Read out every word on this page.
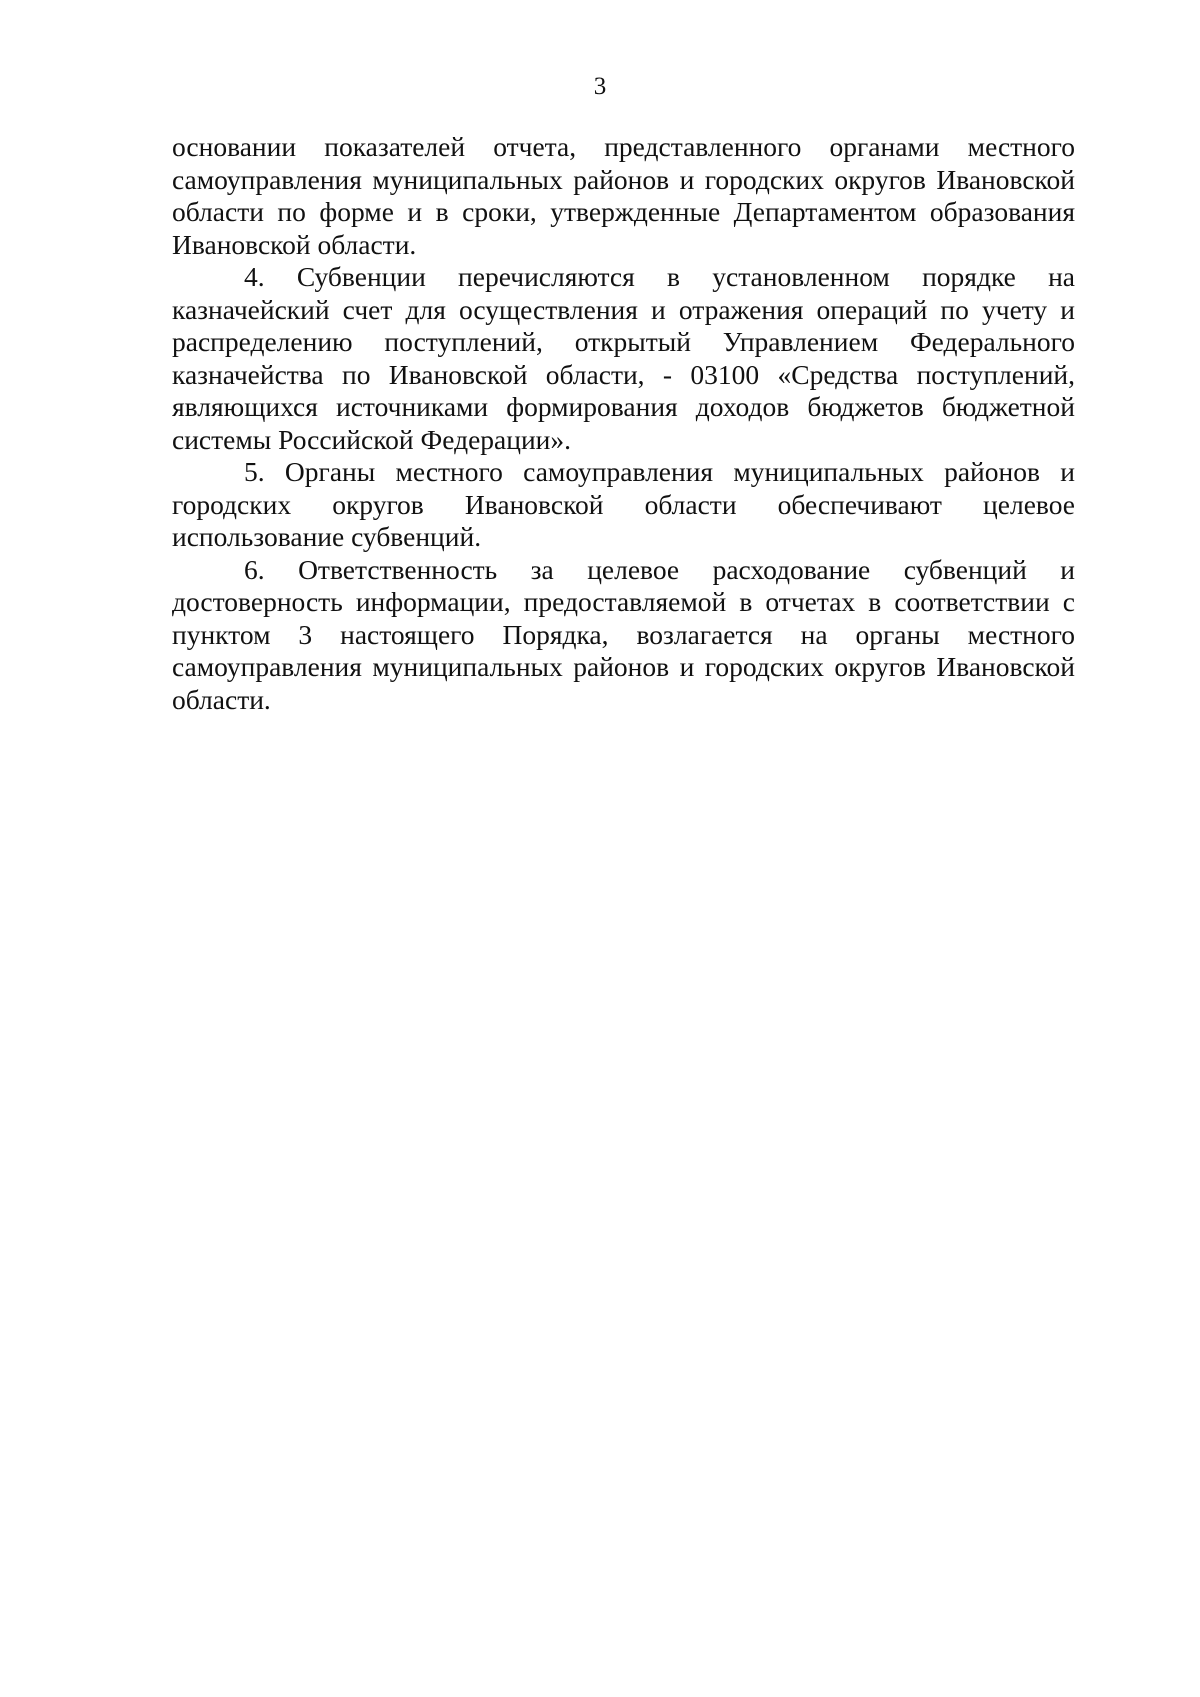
3

основании показателей отчета, представленного органами местного самоуправления муниципальных районов и городских округов Ивановской области по форме и в сроки, утвержденные Департаментом образования Ивановской области.

4. Субвенции перечисляются в установленном порядке на казначейский счет для осуществления и отражения операций по учету и распределению поступлений, открытый Управлением Федерального казначейства по Ивановской области, - 03100 «Средства поступлений, являющихся источниками формирования доходов бюджетов бюджетной системы Российской Федерации».

5. Органы местного самоуправления муниципальных районов и городских округов Ивановской области обеспечивают целевое использование субвенций.

6. Ответственность за целевое расходование субвенций и достоверность информации, предоставляемой в отчетах в соответствии с пунктом 3 настоящего Порядка, возлагается на органы местного самоуправления муниципальных районов и городских округов Ивановской области.
